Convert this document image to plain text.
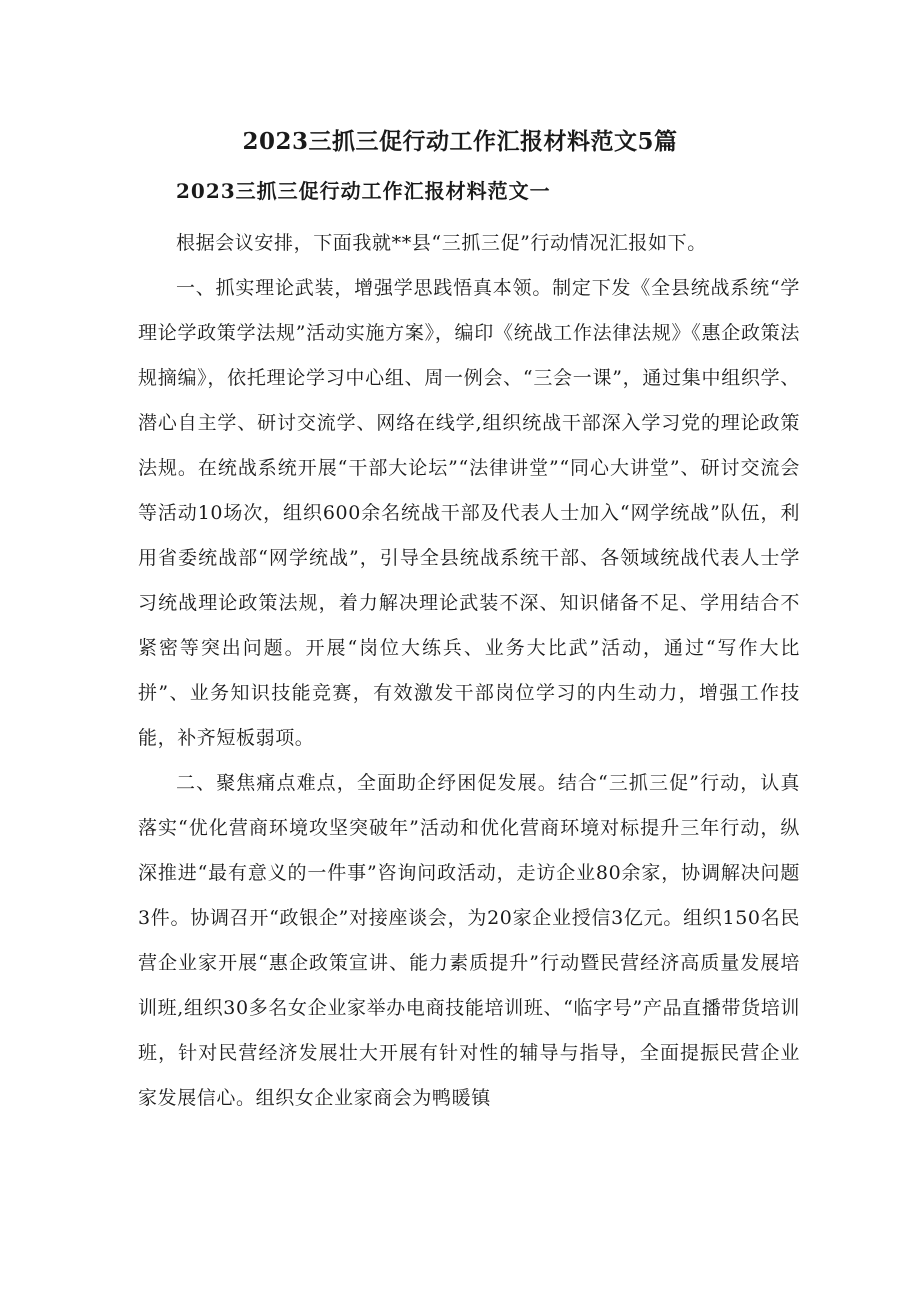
2023三抓三促行动工作汇报材料范文5篇
2023三抓三促行动工作汇报材料范文一

根据会议安排，下面我就**县“三抓三促”行动情况汇报如下。

一、抓实理论武装，增强学思践悟真本领。制定下发《全县统战系统“学理论学政策学法规”活动实施方案》，编印《统战工作法律法规》《惠企政策法规摘编》，依托理论学习中心组、周一例会、“三会一课”，通过集中组织学、潜心自主学、研讨交流学、网络在线学,组织统战干部深入学习党的理论政策法规。在统战系统开展“干部大论坛”“法律讲堂”“同心大讲堂”、研讨交流会等活动10场次，组织600余名统战干部及代表人士加入“网学统战”队伍，利用省委统战部“网学统战”，引导全县统战系统干部、各领域统战代表人士学习统战理论政策法规，着力解决理论武装不深、知识储备不足、学用结合不紧密等突出问题。开展“岗位大练兵、业务大比武”活动，通过“写作大比拼”、业务知识技能竞赛，有效激发干部岗位学习的内生动力，增强工作技能，补齐短板弱项。

二、聚焦痛点难点，全面助企纾困促发展。结合“三抓三促”行动，认真落实“优化营商环境攻坚突破年”活动和优化营商环境对标提升三年行动，纵深推进“最有意义的一件事”咨询问政活动，走访企业80余家，协调解决问题3件。协调召开“政银企”对接座谈会，为20家企业授信3亿元。组织150名民营企业家开展“惠企政策宣讲、能力素质提升”行动暨民营经济高质量发展培训班,组织30多名女企业家举办电商技能培训班、“临字号”产品直播带货培训班，针对民营经济发展壮大开展有针对性的辅导与指导，全面提振民营企业家发展信心。组织女企业家商会为鸭暖镇
